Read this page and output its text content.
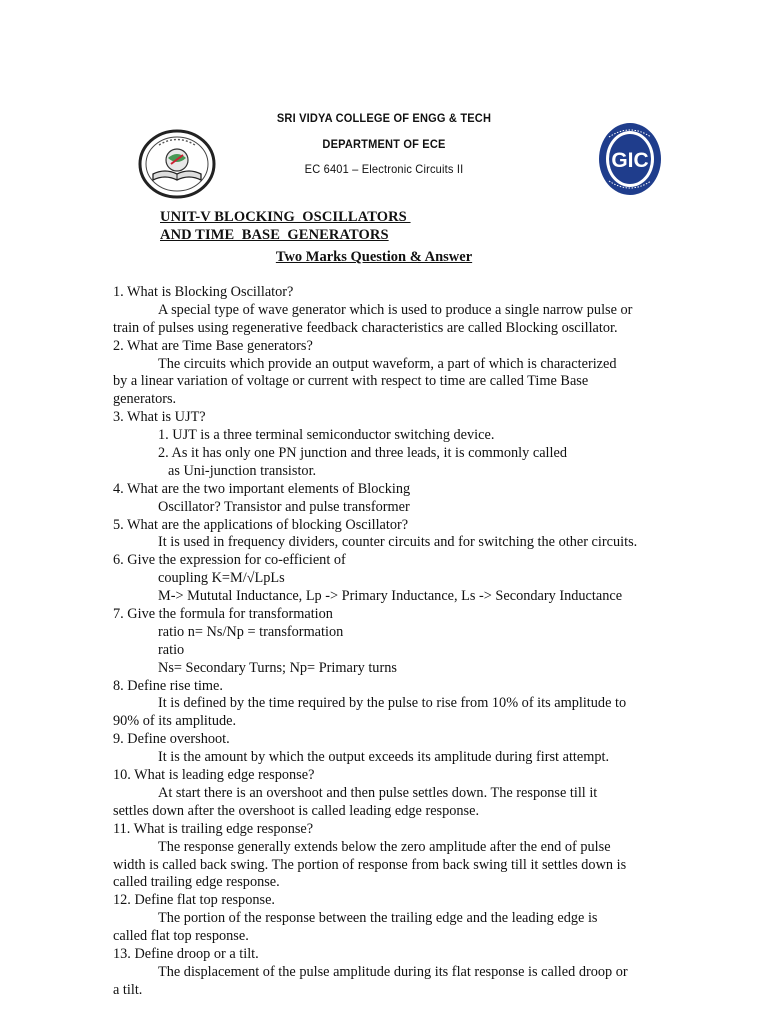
SRI VIDYA COLLEGE OF ENGG & TECH
DEPARTMENT OF ECE
EC 6401 – Electronic Circuits II	GIC
UNIT-V BLOCKING  OSCILLATORS
AND TIME  BASE  GENERATORS
Two Marks Question & Answer
1. What is Blocking Oscillator?
A special type of wave generator which is used to produce a single narrow pulse or
train of pulses using regenerative feedback characteristics are called Blocking oscillator.
2. What are Time Base generators?
The circuits which provide an output waveform, a part of which is characterized
by a linear variation of voltage or current with respect to time are called Time Base
generators.
3. What is UJT?
1. UJT is a three terminal semiconductor switching device.
2. As it has only one PN junction and three leads, it is commonly called
as Uni-junction transistor.
4. What are the two important elements of Blocking
Oscillator? Transistor and pulse transformer
5. What are the applications of blocking Oscillator?
It is used in frequency dividers, counter circuits and for switching the other circuits.
6. Give the expression for co-efficient of
coupling K=M/√LpLs
M-> Mututal Inductance, Lp -> Primary Inductance, Ls -> Secondary Inductance
7. Give the formula for transformation
ratio n= Ns/Np = transformation
ratio
Ns= Secondary Turns; Np= Primary turns
8. Define rise time.
It is defined by the time required by the pulse to rise from 10% of its amplitude to
90% of its amplitude.
9. Define overshoot.
It is the amount by which the output exceeds its amplitude during first attempt.
10. What is leading edge response?
At start there is an overshoot and then pulse settles down. The response till it
settles down after the overshoot is called leading edge response.
11. What is trailing edge response?
The response generally extends below the zero amplitude after the end of pulse
width is called back swing. The portion of response from back swing till it settles down is
called trailing edge response.
12. Define flat top response.
The portion of the response between the trailing edge and the leading edge is
called flat top response.
13. Define droop or a tilt.
The displacement of the pulse amplitude during its flat response is called droop or
a tilt.
